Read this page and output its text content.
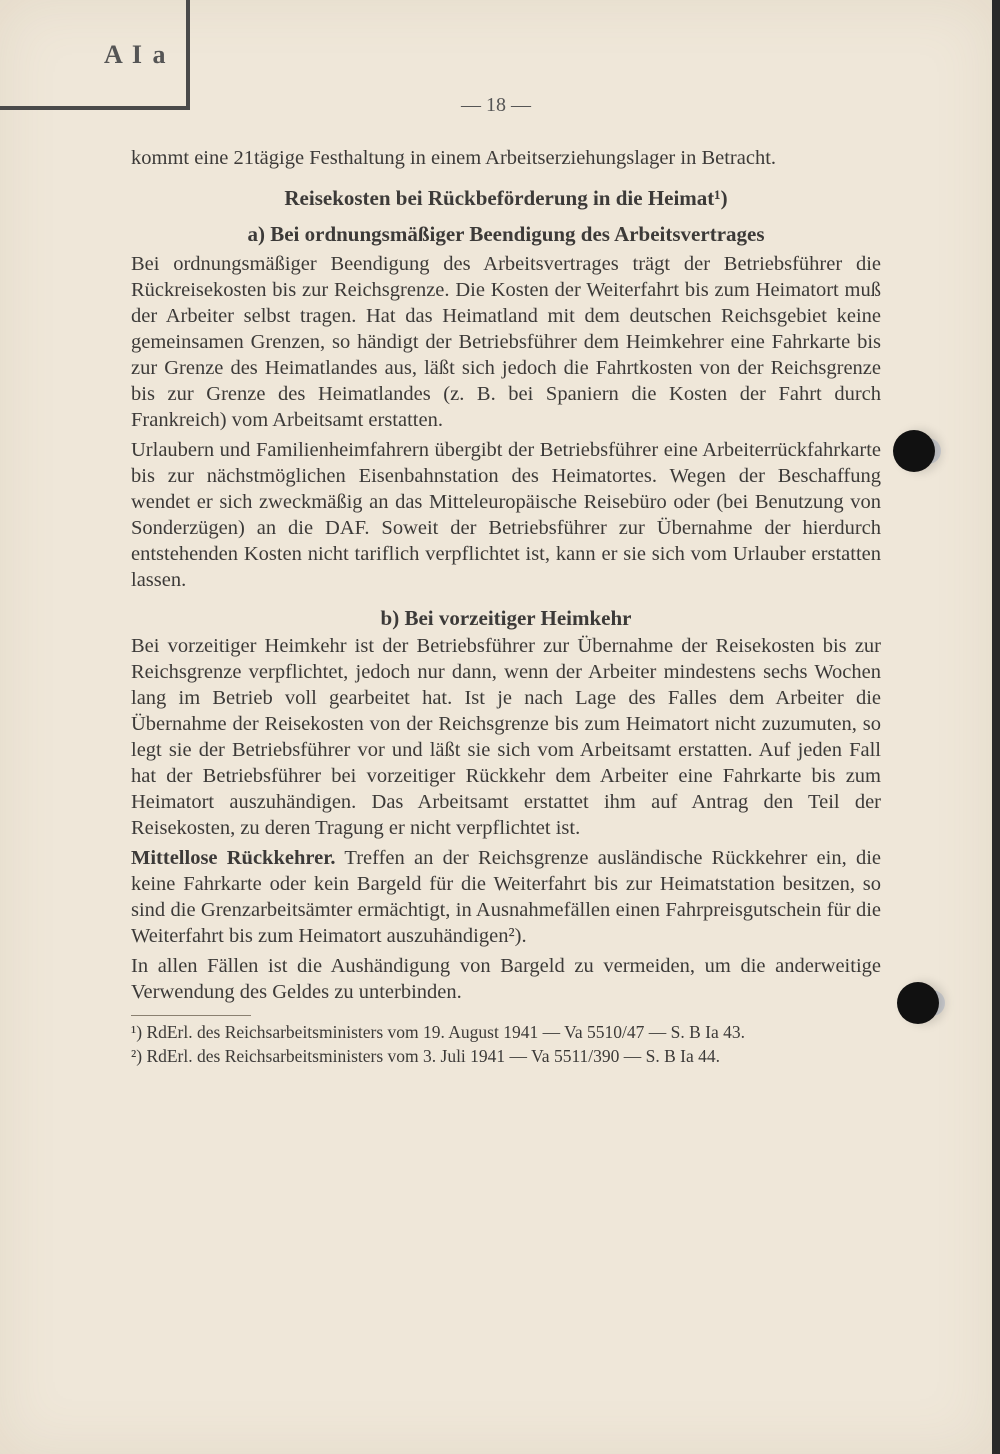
A I a
— 18 —

kommt eine 21tägige Festhaltung in einem Arbeitserziehungslager in Betracht.

Reisekosten bei Rückbeförderung in die Heimat¹)

a) Bei ordnungsmäßiger Beendigung des Arbeitsvertrages

Bei ordnungsmäßiger Beendigung des Arbeitsvertrages trägt der Betriebsführer die Rückreisekosten bis zur Reichsgrenze. Die Kosten der Weiterfahrt bis zum Heimatort muß der Arbeiter selbst tragen. Hat das Heimatland mit dem deutschen Reichsgebiet keine gemeinsamen Grenzen, so händigt der Betriebsführer dem Heimkehrer eine Fahrkarte bis zur Grenze des Heimatlandes aus, läßt sich jedoch die Fahrtkosten von der Reichsgrenze bis zur Grenze des Heimatlandes (z. B. bei Spaniern die Kosten der Fahrt durch Frankreich) vom Arbeitsamt erstatten.

Urlaubern und Familienheimfahrern übergibt der Betriebsführer eine Arbeiterrückfahrkarte bis zur nächstmöglichen Eisenbahnstation des Heimatortes. Wegen der Beschaffung wendet er sich zweckmäßig an das Mitteleuropäische Reisebüro oder (bei Benutzung von Sonderzügen) an die DAF. Soweit der Betriebsführer zur Übernahme der hierdurch entstehenden Kosten nicht tariflich verpflichtet ist, kann er sie sich vom Urlauber erstatten lassen.

b) Bei vorzeitiger Heimkehr

Bei vorzeitiger Heimkehr ist der Betriebsführer zur Übernahme der Reisekosten bis zur Reichsgrenze verpflichtet, jedoch nur dann, wenn der Arbeiter mindestens sechs Wochen lang im Betrieb voll gearbeitet hat. Ist je nach Lage des Falles dem Arbeiter die Übernahme der Reisekosten von der Reichsgrenze bis zum Heimatort nicht zuzumuten, so legt sie der Betriebsführer vor und läßt sie sich vom Arbeitsamt erstatten. Auf jeden Fall hat der Betriebsführer bei vorzeitiger Rückkehr dem Arbeiter eine Fahrkarte bis zum Heimatort auszuhändigen. Das Arbeitsamt erstattet ihm auf Antrag den Teil der Reisekosten, zu deren Tragung er nicht verpflichtet ist.

Mittellose Rückkehrer. Treffen an der Reichsgrenze ausländische Rückkehrer ein, die keine Fahrkarte oder kein Bargeld für die Weiterfahrt bis zur Heimatstation besitzen, so sind die Grenzarbeitsämter ermächtigt, in Ausnahmefällen einen Fahrpreisgutschein für die Weiterfahrt bis zum Heimatort auszuhändigen²).

In allen Fällen ist die Aushändigung von Bargeld zu vermeiden, um die anderweitige Verwendung des Geldes zu unterbinden.

¹) RdErl. des Reichsarbeitsministers vom 19. August 1941 — Va 5510/47 — S. B Ia 43.

²) RdErl. des Reichsarbeitsministers vom 3. Juli 1941 — Va 5511/390 — S. B Ia 44.
